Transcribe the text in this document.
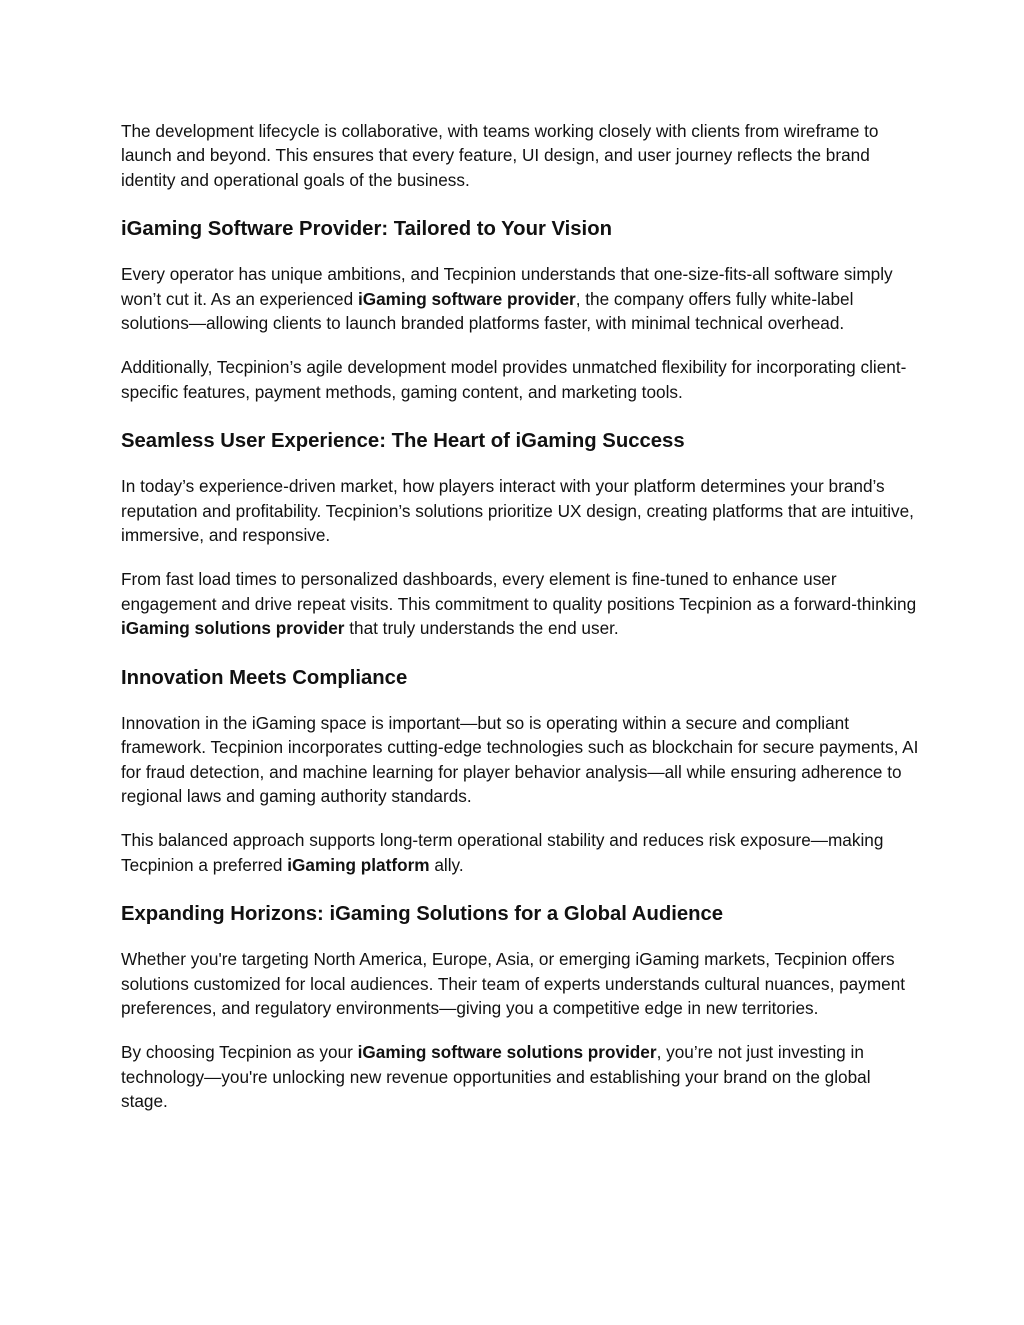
The development lifecycle is collaborative, with teams working closely with clients from wireframe to launch and beyond. This ensures that every feature, UI design, and user journey reflects the brand identity and operational goals of the business.

iGaming Software Provider: Tailored to Your Vision

Every operator has unique ambitions, and Tecpinion understands that one-size-fits-all software simply won’t cut it. As an experienced iGaming software provider, the company offers fully white-label solutions—allowing clients to launch branded platforms faster, with minimal technical overhead.

Additionally, Tecpinion’s agile development model provides unmatched flexibility for incorporating client-specific features, payment methods, gaming content, and marketing tools.

Seamless User Experience: The Heart of iGaming Success

In today’s experience-driven market, how players interact with your platform determines your brand’s reputation and profitability. Tecpinion’s solutions prioritize UX design, creating platforms that are intuitive, immersive, and responsive.

From fast load times to personalized dashboards, every element is fine-tuned to enhance user engagement and drive repeat visits. This commitment to quality positions Tecpinion as a forward-thinking iGaming solutions provider that truly understands the end user.

Innovation Meets Compliance

Innovation in the iGaming space is important—but so is operating within a secure and compliant framework. Tecpinion incorporates cutting-edge technologies such as blockchain for secure payments, AI for fraud detection, and machine learning for player behavior analysis—all while ensuring adherence to regional laws and gaming authority standards.

This balanced approach supports long-term operational stability and reduces risk exposure—making Tecpinion a preferred iGaming platform ally.

Expanding Horizons: iGaming Solutions for a Global Audience

Whether you're targeting North America, Europe, Asia, or emerging iGaming markets, Tecpinion offers solutions customized for local audiences. Their team of experts understands cultural nuances, payment preferences, and regulatory environments—giving you a competitive edge in new territories.

By choosing Tecpinion as your iGaming software solutions provider, you’re not just investing in technology—you're unlocking new revenue opportunities and establishing your brand on the global stage.
